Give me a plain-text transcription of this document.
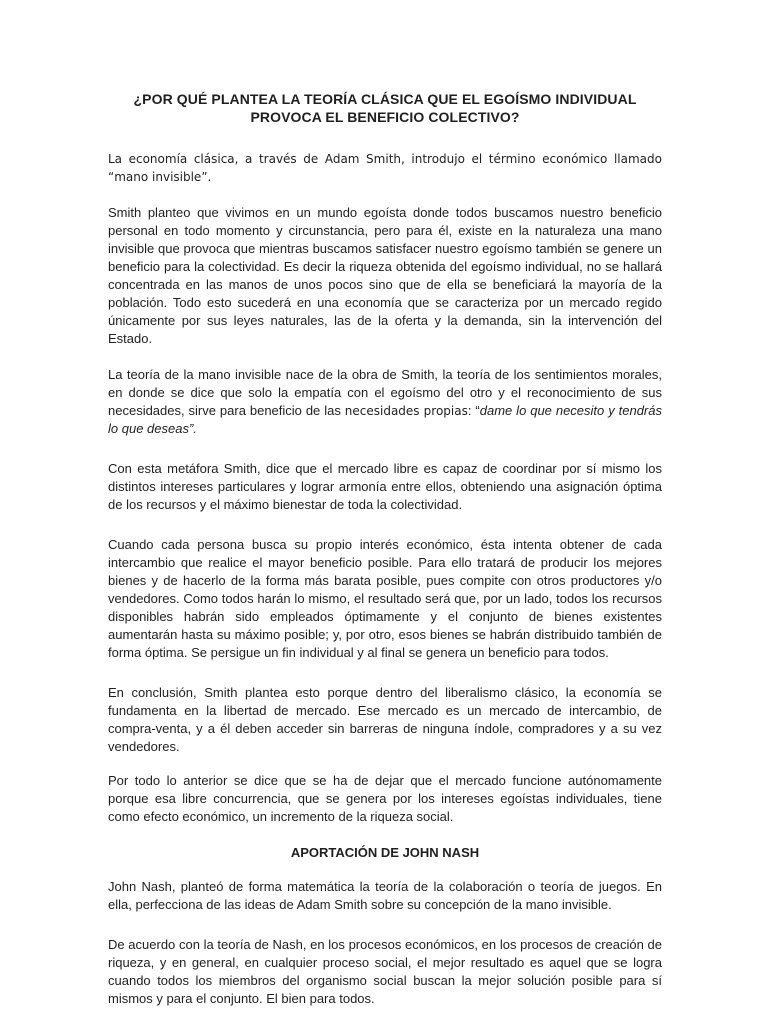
¿POR QUÉ PLANTEA LA TEORÍA CLÁSICA QUE EL EGOÍSMO INDIVIDUAL
PROVOCA EL BENEFICIO COLECTIVO?

La economía clásica, a través de Adam Smith, introdujo el término económico llamado “mano invisible”.

Smith planteo que vivimos en un mundo egoísta donde todos buscamos nuestro beneficio personal en todo momento y circunstancia, pero para él, existe en la naturaleza una mano invisible que provoca que mientras buscamos satisfacer nuestro egoísmo también se genere un beneficio para la colectividad. Es decir la riqueza obtenida del egoísmo individual, no se hallará concentrada en las manos de unos pocos sino que de ella se beneficiará la mayoría de la población. Todo esto sucederá en una economía que se caracteriza por un mercado regido únicamente por sus leyes naturales, las de la oferta y la demanda, sin la intervención del Estado.

La teoría de la mano invisible nace de la obra de Smith, la teoría de los sentimientos morales, en donde se dice que solo la empatía con el egoísmo del otro y el reconocimiento de sus necesidades, sirve para beneficio de las necesidades propias: “dame lo que necesito y tendrás lo que deseas”.

Con esta metáfora Smith, dice que el mercado libre es capaz de coordinar por sí mismo los distintos intereses particulares y lograr armonía entre ellos, obteniendo una asignación óptima de los recursos y el máximo bienestar de toda la colectividad.

Cuando cada persona busca su propio interés económico, ésta intenta obtener de cada intercambio que realice el mayor beneficio posible. Para ello tratará de producir los mejores bienes y de hacerlo de la forma más barata posible, pues compite con otros productores y/o vendedores. Como todos harán lo mismo, el resultado será que, por un lado, todos los recursos disponibles habrán sido empleados óptimamente y el conjunto de bienes existentes aumentarán hasta su máximo posible; y, por otro, esos bienes se habrán distribuido también de forma óptima. Se persigue un fin individual y al final se genera un beneficio para todos.

En conclusión, Smith plantea esto porque dentro del liberalismo clásico, la economía se fundamenta en la libertad de mercado. Ese mercado es un mercado de intercambio, de compra-venta, y a él deben acceder sin barreras de ninguna índole, compradores y a su vez vendedores.

Por todo lo anterior se dice que se ha de dejar que el mercado funcione autónomamente porque esa libre concurrencia, que se genera por los intereses egoístas individuales, tiene como efecto económico, un incremento de la riqueza social.

APORTACIÓN DE JOHN NASH

John Nash, planteó de forma matemática la teoría de la colaboración o teoría de juegos. En ella, perfecciona de las ideas de Adam Smith sobre su concepción de la mano invisible.

De acuerdo con la teoría de Nash, en los procesos económicos, en los procesos de creación de riqueza, y en general, en cualquier proceso social, el mejor resultado es aquel que se logra cuando todos los miembros del organismo social buscan la mejor solución posible para sí mismos y para el conjunto. El bien para todos.
